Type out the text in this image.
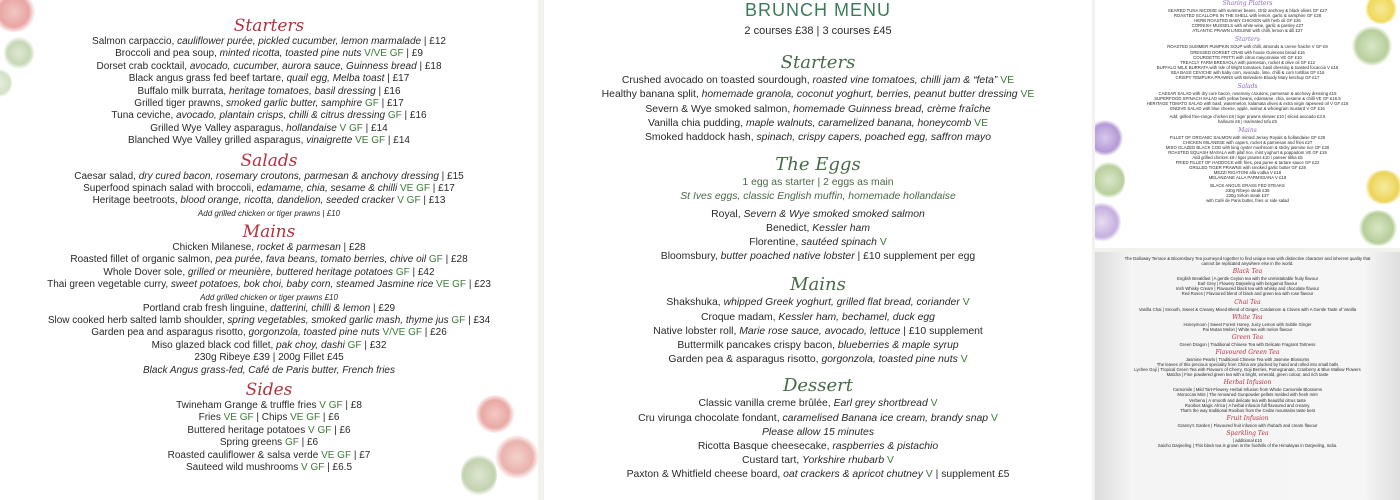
Starters
Salmon carpaccio, cauliflower purée, pickled cucumber, lemon marmalade | £12
Broccoli and pea soup, minted ricotta, toasted pine nuts V/VE GF | £9
Dorset crab cocktail, avocado, cucumber, aurora sauce, Guinness bread | £18
Black angus grass fed beef tartare, quail egg, Melba toast | £17
Buffalo milk burrata, heritage tomatoes, basil dressing | £16
Grilled tiger prawns, smoked garlic butter, samphire GF | £17
Tuna ceviche, avocado, plantain crisps, chilli & citrus dressing GF | £16
Grilled Wye Valley asparagus, hollandaise V GF | £14
Blanched Wye Valley grilled asparagus, vinaigrette VE GF | £14
Salads
Caesar salad, dry cured bacon, rosemary croutons, parmesan & anchovy dressing | £15
Superfood spinach salad with broccoli, edamame, chia, sesame & chilli VE GF | £17
Heritage beetroots, blood orange, ricotta, dandelion, seeded cracker V GF | £13
Add grilled chicken or tiger prawns | £10
Mains
Chicken Milanese, rocket & parmesan | £28
Roasted fillet of organic salmon, pea purée, fava beans, tomato berries, chive oil GF | £28
Whole Dover sole, grilled or meunière, buttered heritage potatoes GF | £42
Thai green vegetable curry, sweet potatoes, bok choi, baby corn, steamed Jasmine rice VE GF | £23
Add grilled chicken or tiger prawns £10
Portland crab fresh linguine, datterini, chilli & lemon | £29
Slow cooked herb salted lamb shoulder, spring vegetables, smoked garlic mash, thyme jus GF | £34
Garden pea and asparagus risotto, gorgonzola, toasted pine nuts V/VE GF | £26
Miso glazed black cod fillet, pak choy, dashi GF | £32
230g Ribeye £39 | 200g Fillet £45
Black Angus grass-fed, Café de Paris butter, French fries
Sides
Twineham Grange & truffle fries V GF | £8
Fries VE GF | Chips VE GF | £6
Buttered heritage potatoes V GF | £6
Spring greens GF | £6
Roasted cauliflower & salsa verde VE GF | £7
Sauteed wild mushrooms V GF | £6.5
BRUNCH MENU
2 courses £38 | 3 courses £45
Starters
Crushed avocado on toasted sourdough, roasted vine tomatoes, chilli jam & “feta” VE
Healthy banana split, homemade granola, coconut yoghurt, berries, peanut butter dressing VE
Severn & Wye smoked salmon, homemade Guinness bread, crème fraîche
Vanilla chia pudding, maple walnuts, caramelized banana, honeycomb VE
Smoked haddock hash, spinach, crispy capers, poached egg, saffron mayo
The Eggs
1 egg as starter | 2 eggs as main
St Ives eggs, classic English muffin, homemade hollandaise
Royal, Severn & Wye smoked smoked salmon
Benedict, Kessler ham
Florentine, sautéed spinach V
Bloomsbury, butter poached native lobster | £10 supplement per egg
Mains
Shakshuka, whipped Greek yoghurt, grilled flat bread, coriander V
Croque madam, Kessler ham, bechamel, duck egg
Native lobster roll, Marie rose sauce, avocado, lettuce | £10 supplement
Buttermilk pancakes crispy bacon, blueberries & maple syrup
Garden pea & asparagus risotto, gorgonzola, toasted pine nuts V
Dessert
Classic vanilla creme brûlée, Earl grey shortbread V
Cru virunga chocolate fondant, caramelised Banana ice cream, brandy snap V
Please allow 15 minutes
Ricotta Basque cheesecake, raspberries & pistachio
Custard tart, Yorkshire rhubarb V
Paxton & Whitfield cheese board, oat crackers & apricot chutney V | supplement £5
Sharing Platters
SEARED TUNA NICOISE with summer beans, Ortiz anchovy & black olives GF £27
ROASTED SCALLOPS IN THE SHELL with lemon, garlic & samphire GF £28
HERB ROASTED BABY CHICKEN with herb oil GF £26
CORNISH MUSSELS with white wine, garlic & parsley £27
ATLANTIC PRAWN LINGUINE with chilli, lemon & dill £27
Starters
ROASTED SUMMER PUMPKIN SOUP with chilli, almonds & creme fraiche V GF £9
DRESSED DORSET CRAB with house Guinness bread £16
COURGETTE FRITTI with citrus mayonnaise VE GF £10
TREACLY FARM BRESAOLA with parmesan, rocket & olive oil GF £12
BUFFALO MILK BURRATA with Isle of Wight tomatoes, basil dressing & toasted focaccia V £16
SEA BASS CEVICHE with baby corn, avocado, lime, chilli & corn tortillas GF £16
CRISPY TEMPURA PRAWNS with Belvedere Bloody Mary ketchup GF £17
Salads
CAESAR SALAD with dry cure bacon, rosemary croutons, parmesan & anchovy dressing £15
SUPERFOOD SPINACH SALAD with yellow beans, edamame, chia, sesame & chilli VE GF £16.5
HERITAGE TOMATO SALAD with basil, watermelon, kalamata olives & extra virgin rapeseed oil V GF £16
ENDIVE SALAD with blue cheese, apple, walnut & wholegrain mustard V GF £16
Add: grilled free-range chicken £8 | tiger prawns skewer £10 | sliced avocado £3.5
halloumi £6 | marinated tofu £5
Mains
FILLET OF ORGANIC SALMON with minted Jersey Royals & hollandaise GF £25
CHICKEN MILANESE with capers, rocket & parmesan and fries £27
MISO GLAZED BLACK COD with king oyster mushroom & sticky jasmine rice GF £30
ROASTED SQUASH MASALA with pilaf rice, mint yoghurt & poppadom VE GF £19
Add grilled chicken £8 / tiger prawns £10 / paneer tikka £5
FRIED FILLET OF HADDOCK with fries, pea puree & tartare sauce GF £22
GRILLED TIGER PRAWNS with smoked garlic butter GF £28
MEZZI RIGATONI alla vodka V £18
MELANZANE ALLA PARMIGIANA V £18
BLACK ANGUS GRASS FED STEAKS
230g Ribeye steak £35
230g Sirloin steak £37
with Café de Paris butter, fries or side salad
The Dalloway Terrace & Bloomsbury Tea journeyed together to find unique teas with distinctive character and inherent quality that cannot be replicated anywhere else in the world.
Black Tea
English Breakfast | A gentle Ceylon tea with the unmistakable fruity flavour
Earl Grey | Flowery Darjeeling with bergamot flavour
Irish Whisky Cream | Flavoured black tea with whisky and chocolate flavour
Red Roses | Flavoured blend of black and green tea with rose flavour
Chai Tea
Vanilla Chai | Smooth, Sweet & Creamy Mixed Blend of Ginger, Cardamom & Cloves with A Gentle Taste of Vanilla
White Tea
Honeymoon | Sweet Forest Honey, Juicy Lemon with Subtle Ginger
Pai Mutan Melon | White tea with melon flavour
Green Tea
Green Dragon | Traditional Chinese Tea with Delicate Fragrant Tartness
Flavoured Green Tea
Jasmine Pearls | Traditional Chinese Tea with Jasmine Blossoms
The leaves of this precious speciality from China are plucked by hand and rolled into small balls
Lychee Goji | Tropical Green Tea with Flavours of Cherry, Goji Berries, Pomegranate, Cranberry & Blue Mallow Flowers
Matcha | Fine powdered green tea with a bright, emerald, green colour, and rich taste
Herbal Infusion
Camomile | Mild Tart-Flowery Herbal Infusion from Whole Camomile Blossoms
Moroccan Mint | The renowned Gunpowder pellets melded with fresh mint
Verbena | A smooth and delicate tea with beautiful citrus taste
Rooibos Magic Africa | A herbal infusion full flavoured and creamy.
That's the way traditional Rooibos from the Cedar mountains taste best
Fruit Infusion
Granny's Garden | Flavoured fruit infusion with rhubarb and cream flavour
Sparkling Tea
| additional £10
Saicho Darjeeling | This black tea is grown in the foothills of the Himalayas in Darjeeling, India.
